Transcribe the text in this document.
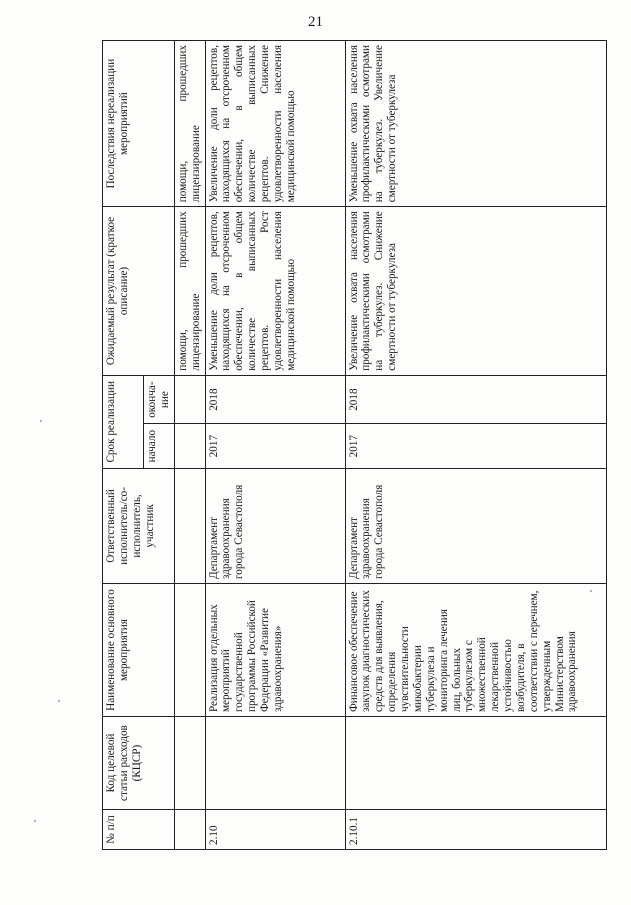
21
№ п/п	Код целевой статьи расходов (КЦСР)	Наименование основного мероприятия	Ответственный исполнитель/со-исполнитель, участник	Срок реализации		Ожидаемый результат (краткое описание)	Последствия нереализации мероприятий
				начало	оконча-ние		
						помощи, прошедших лицензирование	помощи, прошедших лицензирование
2.10		Реализация отдельных мероприятий государственной программы Российской Федерации «Развитие здравоохранения»	Департамент здравоохранения города Севастополя	2017	2018	Уменьшение доли рецептов, находящихся на отсроченном обеспечении, в общем количестве выписанных рецептов. Рост удовлетворенности населения медицинской помощью	Увеличение доли рецептов, находящихся на отсроченном обеспечении, в общем количестве выписанных рецептов. Снижение удовлетворенности населения медицинской помощью
2.10.1		Финансовое обеспечение закупок диагностических средств для выявления, определения чувствительности микобактерии туберкулеза и мониторинга лечения лиц, больных туберкулезом с множественной лекарственной устойчивостью возбудителя, в соответствии с перечнем, утвержденным Министерством здравоохранения	Департамент здравоохранения города Севастополя	2017	2018	Увеличение охвата населения профилактическими осмотрами на туберкулез. Снижение смертности от туберкулеза	Уменьшение охвата населения профилактическими осмотрами на туберкулез. Увеличение смертности от туберкулеза
